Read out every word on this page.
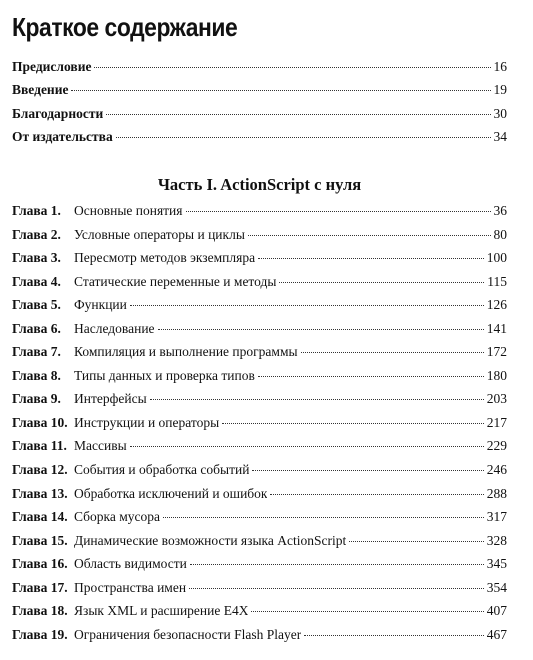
Краткое содержание
Предисловие	16
Введение	19
Благодарности	30
От издательства	34
Часть I. ActionScript с нуля
Глава 1. Основные понятия	36
Глава 2. Условные операторы и циклы	80
Глава 3. Пересмотр методов экземпляра	100
Глава 4. Статические переменные и методы	115
Глава 5. Функции	126
Глава 6. Наследование	141
Глава 7. Компиляция и выполнение программы	172
Глава 8. Типы данных и проверка типов	180
Глава 9. Интерфейсы	203
Глава 10. Инструкции и операторы	217
Глава 11. Массивы	229
Глава 12. События и обработка событий	246
Глава 13. Обработка исключений и ошибок	288
Глава 14. Сборка мусора	317
Глава 15. Динамические возможности языка ActionScript	328
Глава 16. Область видимости	345
Глава 17. Пространства имен	354
Глава 18. Язык XML и расширение E4X	407
Глава 19. Ограничения безопасности Flash Player	467
